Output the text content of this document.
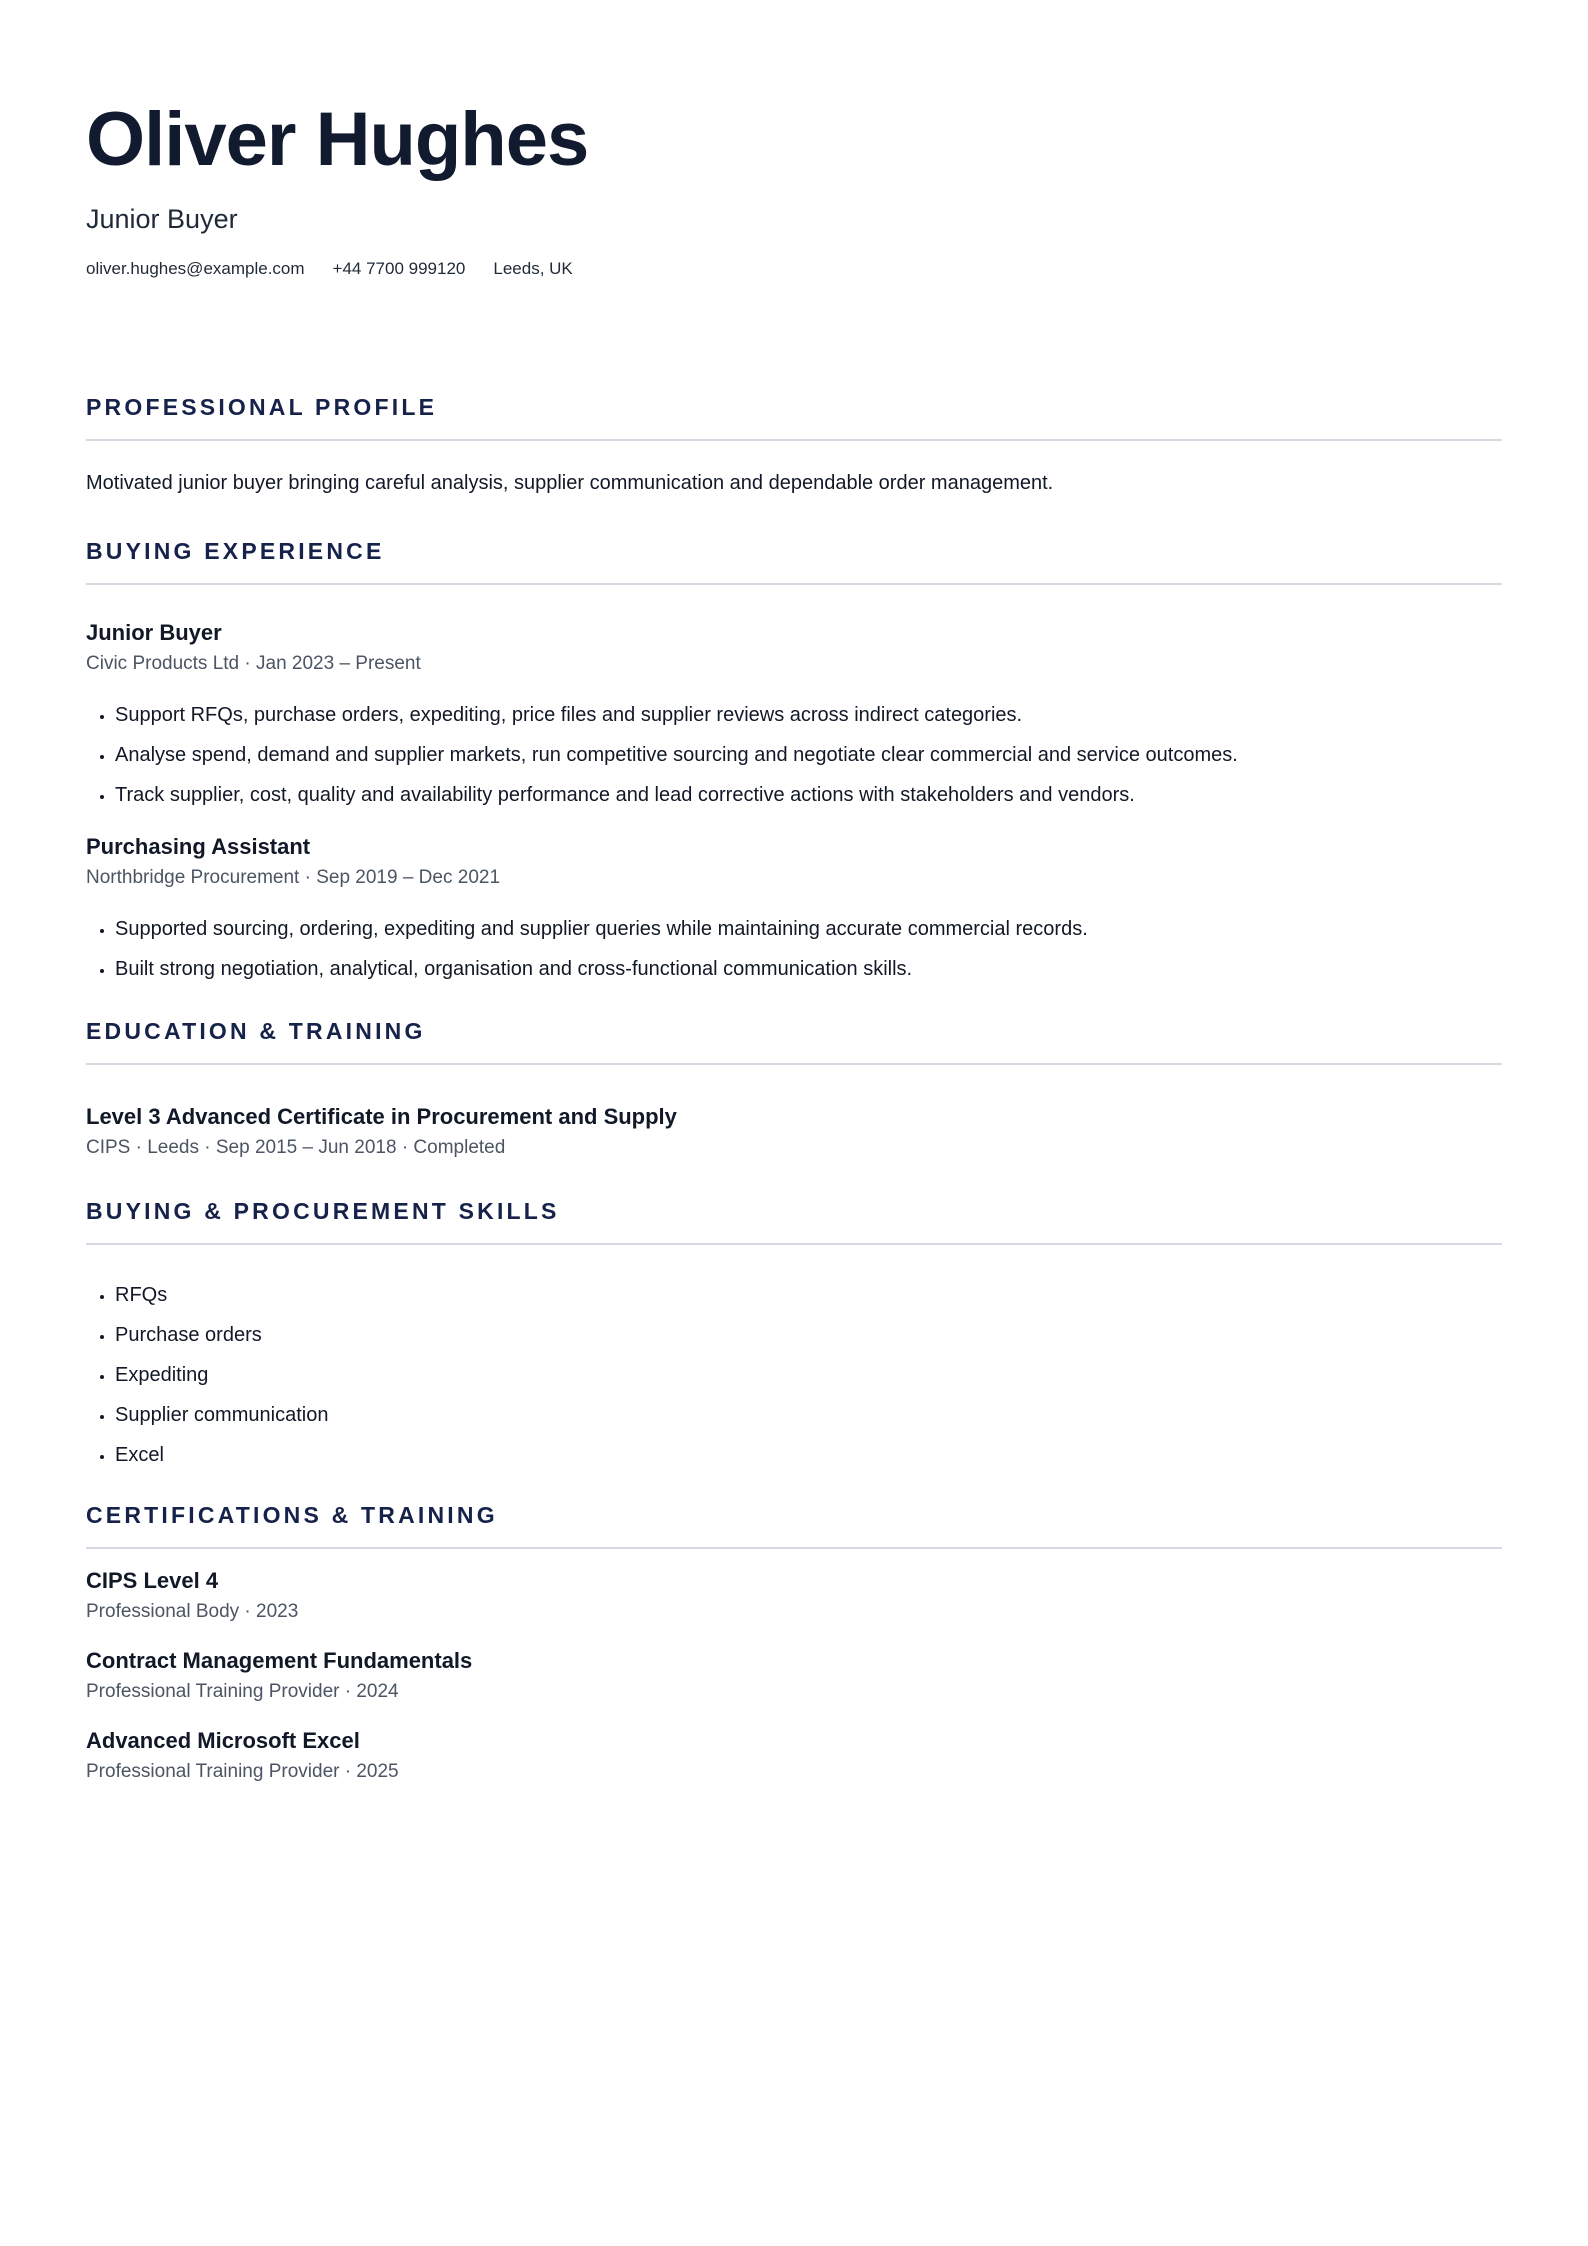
Oliver Hughes
Junior Buyer
oliver.hughes@example.com +44 7700 999120 Leeds, UK
PROFESSIONAL PROFILE
Motivated junior buyer bringing careful analysis, supplier communication and dependable order management.
BUYING EXPERIENCE
Junior Buyer
Civic Products Ltd · Jan 2023 – Present
• Support RFQs, purchase orders, expediting, price files and supplier reviews across indirect categories.
• Analyse spend, demand and supplier markets, run competitive sourcing and negotiate clear commercial and service outcomes.
• Track supplier, cost, quality and availability performance and lead corrective actions with stakeholders and vendors.
Purchasing Assistant
Northbridge Procurement · Sep 2019 – Dec 2021
• Supported sourcing, ordering, expediting and supplier queries while maintaining accurate commercial records.
• Built strong negotiation, analytical, organisation and cross-functional communication skills.
EDUCATION & TRAINING
Level 3 Advanced Certificate in Procurement and Supply
CIPS · Leeds · Sep 2015 – Jun 2018 · Completed
BUYING & PROCUREMENT SKILLS
• RFQs
• Purchase orders
• Expediting
• Supplier communication
• Excel
CERTIFICATIONS & TRAINING
CIPS Level 4
Professional Body · 2023
Contract Management Fundamentals
Professional Training Provider · 2024
Advanced Microsoft Excel
Professional Training Provider · 2025
